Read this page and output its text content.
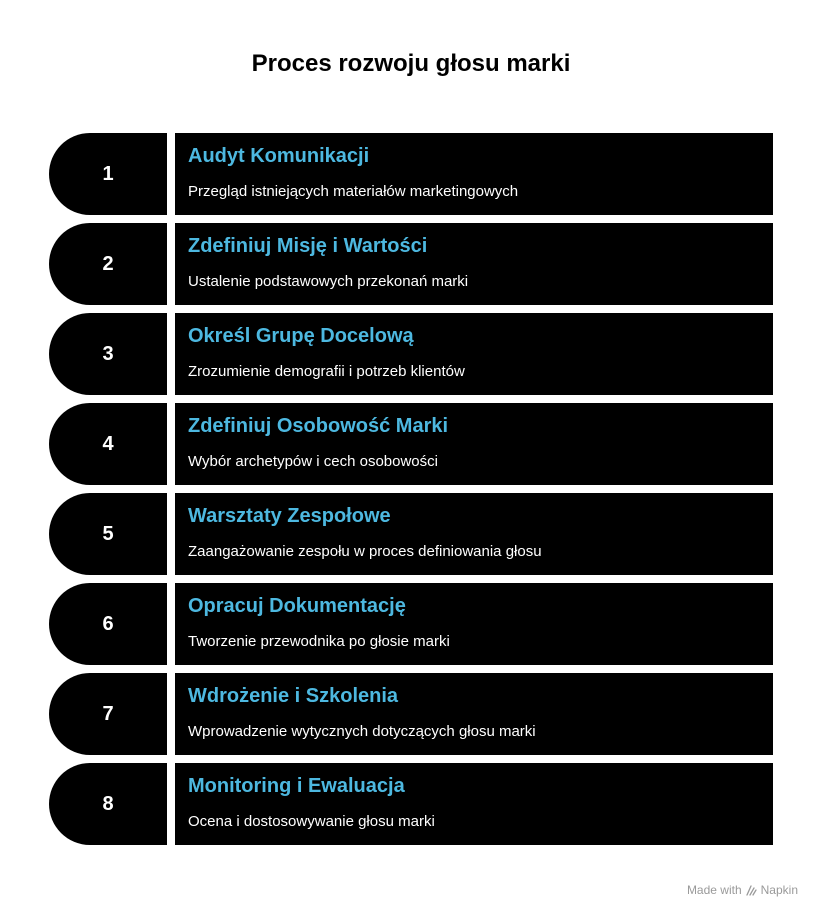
Proces rozwoju głosu marki
1
Audyt Komunikacji
Przegląd istniejących materiałów marketingowych
2
Zdefiniuj Misję i Wartości
Ustalenie podstawowych przekonań marki
3
Określ Grupę Docelową
Zrozumienie demografii i potrzeb klientów
4
Zdefiniuj Osobowość Marki
Wybór archetypów i cech osobowości
5
Warsztaty Zespołowe
Zaangażowanie zespołu w proces definiowania głosu
6
Opracuj Dokumentację
Tworzenie przewodnika po głosie marki
7
Wdrożenie i Szkolenia
Wprowadzenie wytycznych dotyczących głosu marki
8
Monitoring i Ewaluacja
Ocena i dostosowywanie głosu marki
Made with Napkin
